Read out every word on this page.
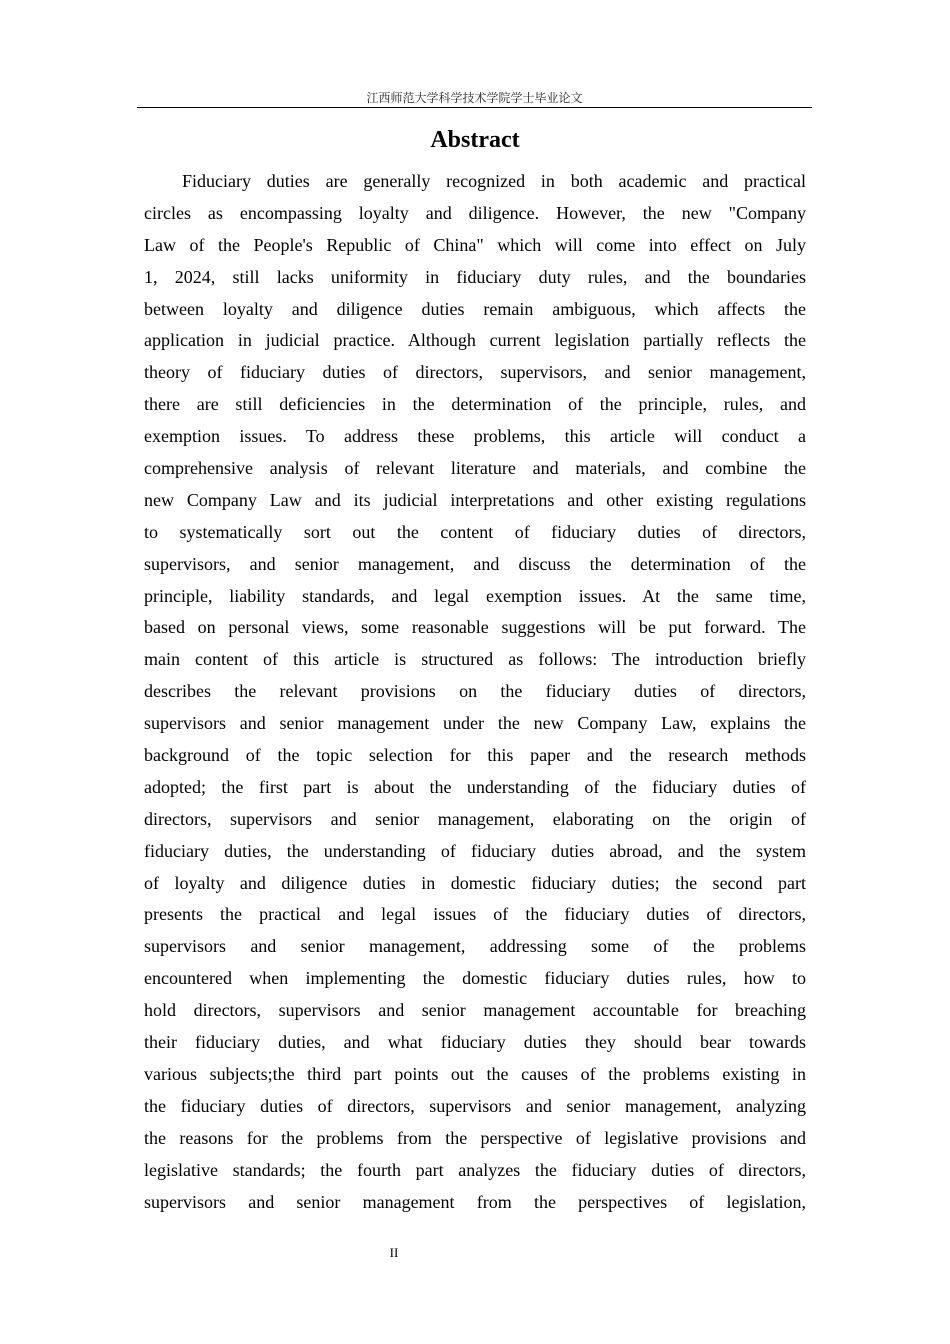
江西师范大学科学技术学院学士毕业论文
Abstract
Fiduciary duties are generally recognized in both academic and practical
circles as encompassing loyalty and diligence. However, the new "Company
Law of the People's Republic of China" which will come into effect on July
1, 2024, still lacks uniformity in fiduciary duty rules, and the boundaries
between loyalty and diligence duties remain ambiguous, which affects the
application in judicial practice. Although current legislation partially reflects the
theory of fiduciary duties of directors, supervisors, and senior management,
there are still deficiencies in the determination of the principle, rules, and
exemption issues. To address these problems, this article will conduct a
comprehensive analysis of relevant literature and materials, and combine the
new Company Law and its judicial interpretations and other existing regulations
to systematically sort out the content of fiduciary duties of directors,
supervisors, and senior management, and discuss the determination of the
principle, liability standards, and legal exemption issues. At the same time,
based on personal views, some reasonable suggestions will be put forward. The
main content of this article is structured as follows: The introduction briefly
describes the relevant provisions on the fiduciary duties of directors,
supervisors and senior management under the new Company Law, explains the
background of the topic selection for this paper and the research methods
adopted; the first part is about the understanding of the fiduciary duties of
directors, supervisors and senior management, elaborating on the origin of
fiduciary duties, the understanding of fiduciary duties abroad, and the system
of loyalty and diligence duties in domestic fiduciary duties; the second part
presents the practical and legal issues of the fiduciary duties of directors,
supervisors and senior management, addressing some of the problems
encountered when implementing the domestic fiduciary duties rules, how to
hold directors, supervisors and senior management accountable for breaching
their fiduciary duties, and what fiduciary duties they should bear towards
various subjects;the third part points out the causes of the problems existing in
the fiduciary duties of directors, supervisors and senior management, analyzing
the reasons for the problems from the perspective of legislative provisions and
legislative standards; the fourth part analyzes the fiduciary duties of directors,
supervisors and senior management from the perspectives of legislation,
II
